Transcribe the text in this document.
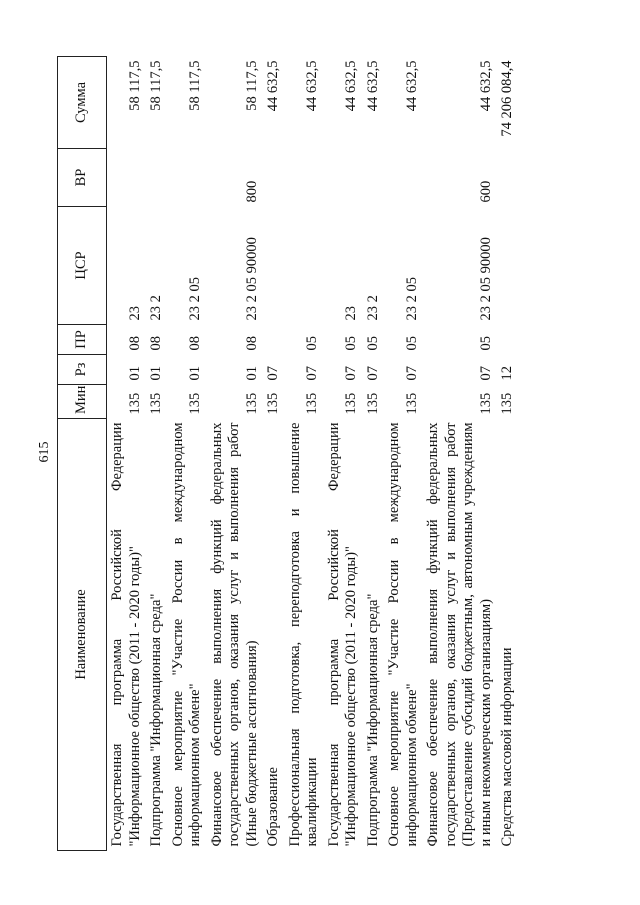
615
Наименование	Мин	Рз	ПР	ЦСР	ВР	Сумма
Государственная программа Российской Федерации "Информационное общество (2011 - 2020 годы)"	135	01	08	23		58 117,5
Подпрограмма "Информационная среда"	135	01	08	23 2		58 117,5
Основное мероприятие "Участие России в международном информационном обмене"	135	01	08	23 2 05		58 117,5
Финансовое обеспечение выполнения функций федеральных государственных органов, оказания услуг и выполнения работ (Иные бюджетные ассигнования)	135	01	08	23 2 05 90000	800	58 117,5
Образование	135	07				44 632,5
Профессиональная подготовка, переподготовка и повышение квалификации	135	07	05			44 632,5
Государственная программа Российской Федерации "Информационное общество (2011 - 2020 годы)"	135	07	05	23		44 632,5
Подпрограмма "Информационная среда"	135	07	05	23 2		44 632,5
Основное мероприятие "Участие России в международном информационном обмене"	135	07	05	23 2 05		44 632,5
Финансовое обеспечение выполнения функций федеральных государственных органов, оказания услуг и выполнения работ (Предоставление субсидий бюджетным, автономным учреждениям и иным некоммерческим организациям)	135	07	05	23 2 05 90000	600	44 632,5
Средства массовой информации	135	12				74 206 084,4
